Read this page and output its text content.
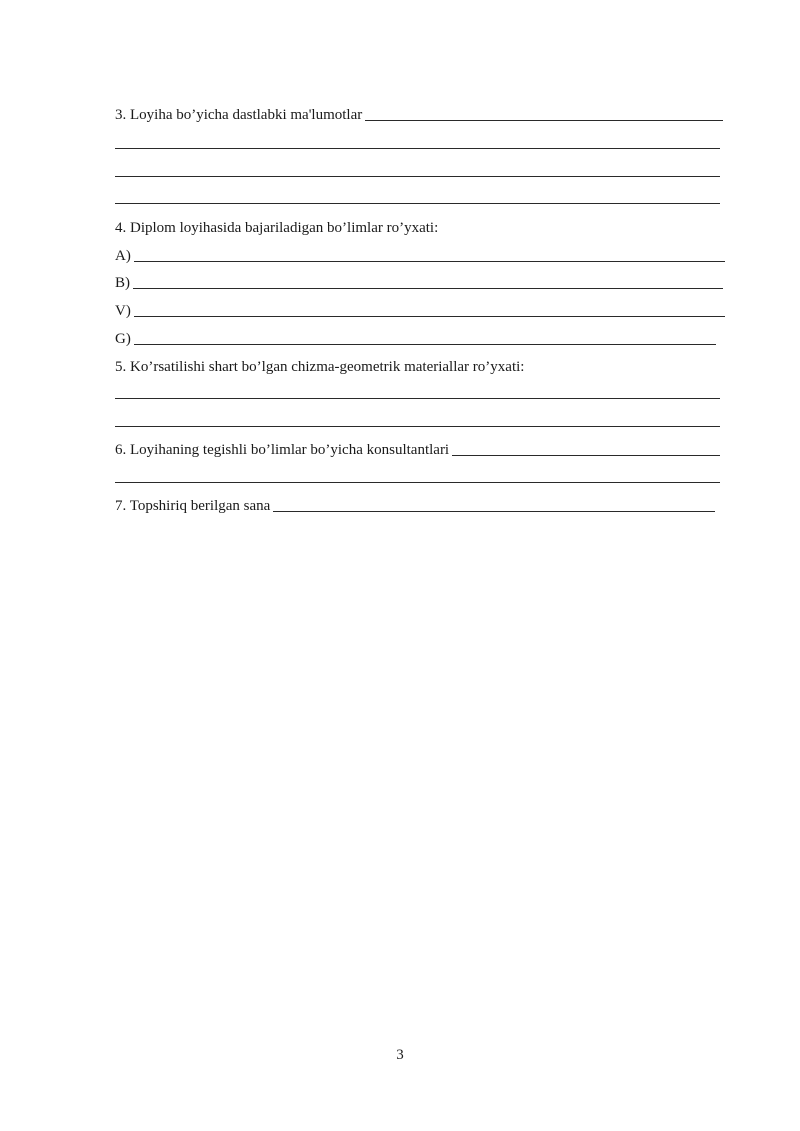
3. Loyiha bo’yicha dastlabki ma'lumotlar
4. Diplom loyihasida bajariladigan bo’limlar ro’yxati:
A)
B)
V)
G)
5. Ko’rsatilishi shart bo’lgan chizma-geometrik materiallar ro’yxati:
6. Loyihaning tegishli bo’limlar bo’yicha konsultantlari
7. Topshiriq berilgan sana
3
